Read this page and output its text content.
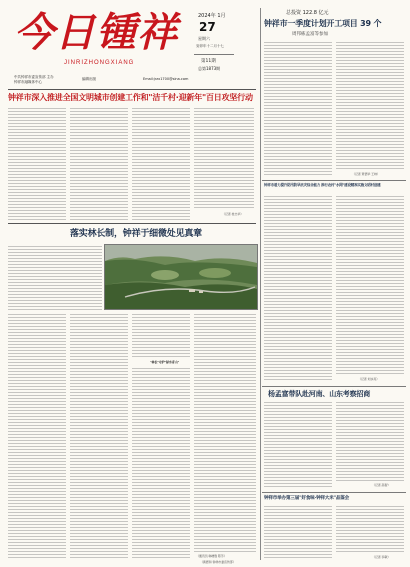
今日锺祥
JINRIZHONGXIANG
2024年 1月
27
星期六
癸卯年十二月十七
第11期
总第1873期
中共钟祥市委宣传部 主办
钟祥市融媒体中心
编辑出版	Email:jrzx1700@sina.com
钟祥市深入推进全国文明城市创建工作和"洁千村·迎新年"百日攻坚行动
（记者 桂志华）
落实林长制，钟祥于细微处见真章
"林长"守护"绿水青山"
（通讯员 韩增胜 陈芳）
总投资 122.8 亿元
钟祥市一季度计划开工项目 39 个
周邦栋孟富等参加
（记者 贾德华 王帅）
钟祥市着力提升防汛防旱抗灾综合能力 推行农村"水网"建设精准实施文明村创建
（记者 刘永亮）
杨孟富带队赴河南、山东考察招商
（记者 高智）
钟祥市举办第三届"好食味·钟祥大米"品鉴会
（记者 李敏）
（黄德和 钟祥市委宣传部）
